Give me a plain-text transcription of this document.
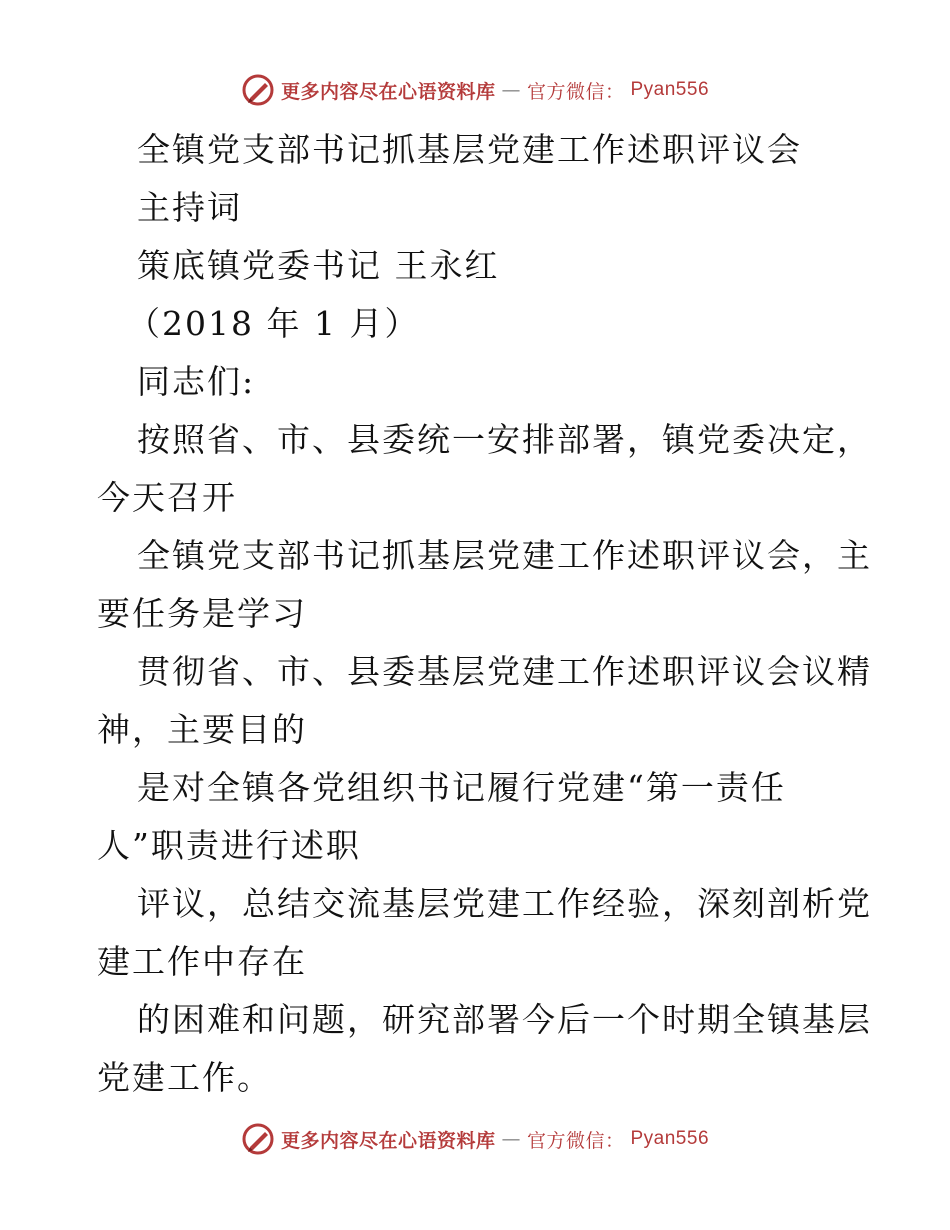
更多内容尽在心语资料库 — 官方微信： Pyan556
全镇党支部书记抓基层党建工作述职评议会
主持词
策底镇党委书记 王永红
（2018 年 1 月）
同志们:
按照省、市、县委统一安排部署，镇党委决定，
今天召开
全镇党支部书记抓基层党建工作述职评议会，主
要任务是学习
贯彻省、市、县委基层党建工作述职评议会议精
神，主要目的
是对全镇各党组织书记履行党建“第一责任
人”职责进行述职
评议，总结交流基层党建工作经验，深刻剖析党
建工作中存在
的困难和问题，研究部署今后一个时期全镇基层
党建工作。
更多内容尽在心语资料库 — 官方微信： Pyan556
